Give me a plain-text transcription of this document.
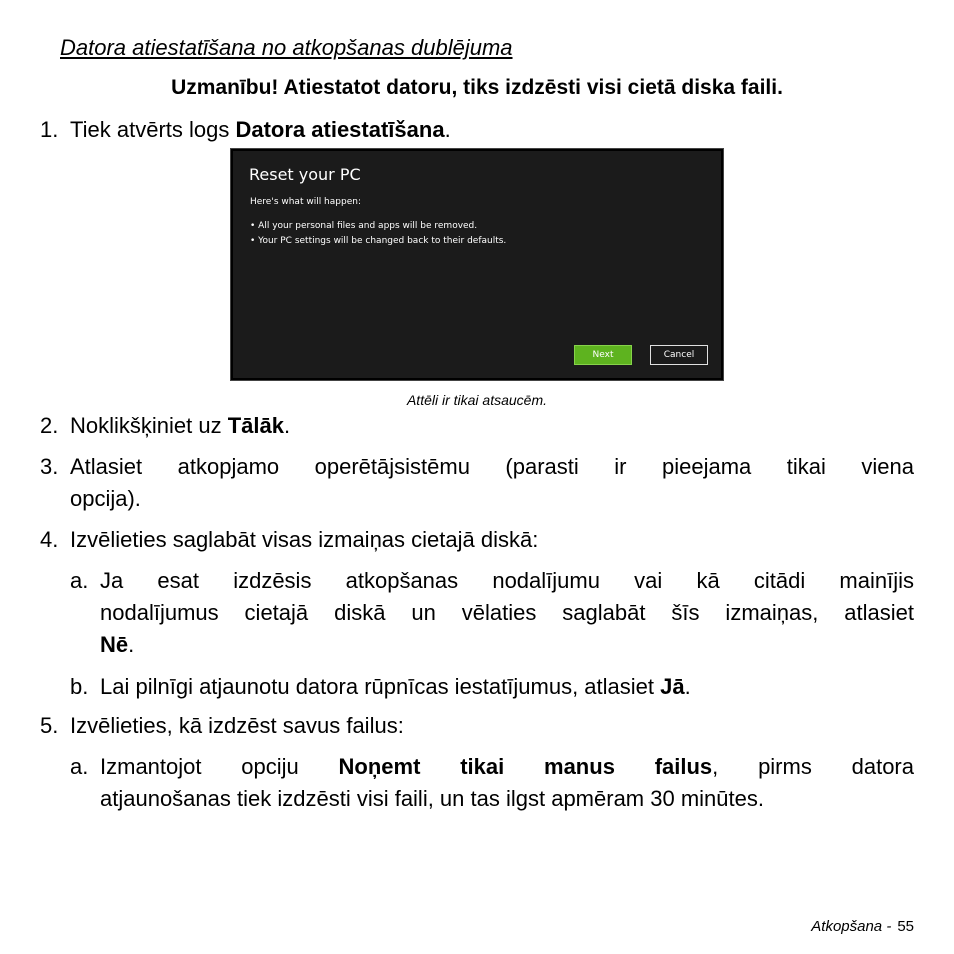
Datora atiestatīšana no atkopšanas dublējuma
Uzmanību! Atiestatot datoru, tiks izdzēsti visi cietā diska faili.
1. Tiek atvērts logs Datora atiestatīšana.
Reset your PC
Here's what will happen:
• All your personal files and apps will be removed.
• Your PC settings will be changed back to their defaults.
Next	Cancel
Attēli ir tikai atsaucēm.
2. Noklikšķiniet uz Tālāk.
3. Atlasiet atkopjamo operētājsistēmu (parasti ir pieejama tikai viena
opcija).
4. Izvēlieties saglabāt visas izmaiņas cietajā diskā:
a. Ja esat izdzēsis atkopšanas nodalījumu vai kā citādi mainījis
nodalījumus cietajā diskā un vēlaties saglabāt šīs izmaiņas, atlasiet
Nē.
b. Lai pilnīgi atjaunotu datora rūpnīcas iestatījumus, atlasiet Jā.
5. Izvēlieties, kā izdzēst savus failus:
a. Izmantojot opciju Noņemt tikai manus failus, pirms datora
atjaunošanas tiek izdzēsti visi faili, un tas ilgst apmēram 30 minūtes.
Atkopšana - 55
